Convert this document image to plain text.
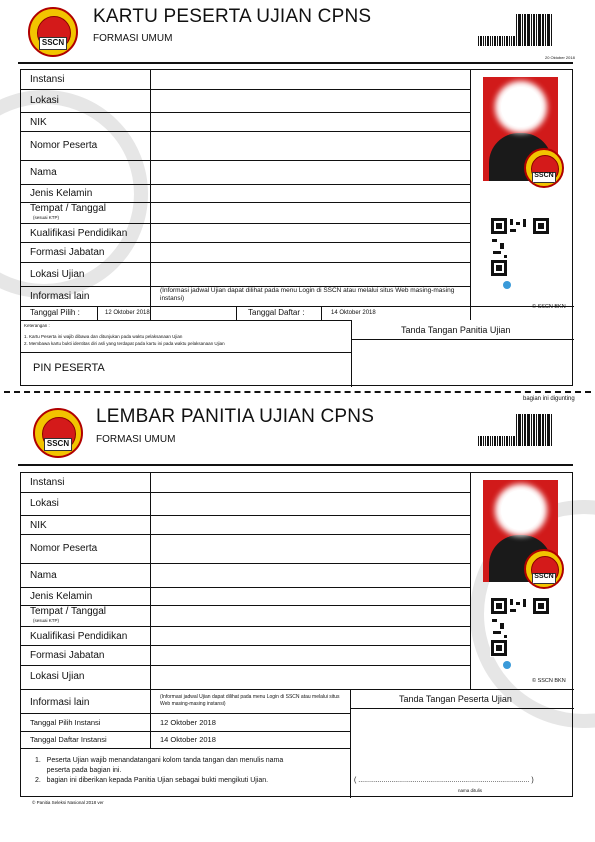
SSCN
KARTU PESERTA UJIAN CPNS
FORMASI UMUM
20 Oktober 2018
Instansi
Lokasi
NIK
Nomor Peserta
Nama
Jenis Kelamin
Tempat / Tanggal
(sesuai KTP)
Kualifikasi Pendidikan
Formasi Jabatan
Lokasi Ujian
Informasi lain
(Informasi jadwal Ujian dapat dilihat pada menu Login di SSCN atau melalui situs Web masing-masing instansi)
Tanggal Pilih :	12 Oktober 2018	Tanggal Daftar :	14 Oktober 2018
Keterangan :
1. Kartu Peserta ini wajib dibawa dan ditunjukan pada waktu pelaksanaan Ujian
2. Membawa kartu bukti identitas diri asli yang terdapat pada kartu ini pada waktu pelaksanaan Ujian
PIN PESERTA
Tanda Tangan Panitia Ujian
SSCN
© SSCN BKN
bagian ini digunting
SSCN
LEMBAR PANITIA UJIAN CPNS
FORMASI UMUM
Instansi
Lokasi
NIK
Nomor Peserta
Nama
Jenis Kelamin
Tempat / Tanggal
(sesuai KTP)
Kualifikasi Pendidikan
Formasi Jabatan
Lokasi Ujian
Informasi lain	(Informasi jadwal Ujian dapat dilihat pada menu Login di SSCN atau melalui situs Web masing-masing instansi)	Tanda Tangan Peserta Ujian
Tanggal Pilih Instansi	12 Oktober 2018
Tanggal Daftar Instansi	14 Oktober 2018
1.   Peserta Ujian wajib menandatangani kolom tanda tangan dan menulis nama
peserta pada bagian ini.
2.   bagian ini diberikan kepada Panitia Ujian sebagai bukti mengikuti Ujian.	( ........................................................................................ )
nama ditulis
SSCN
© SSCN BKN
© Panitia Seleksi Nasional 2018 ver
